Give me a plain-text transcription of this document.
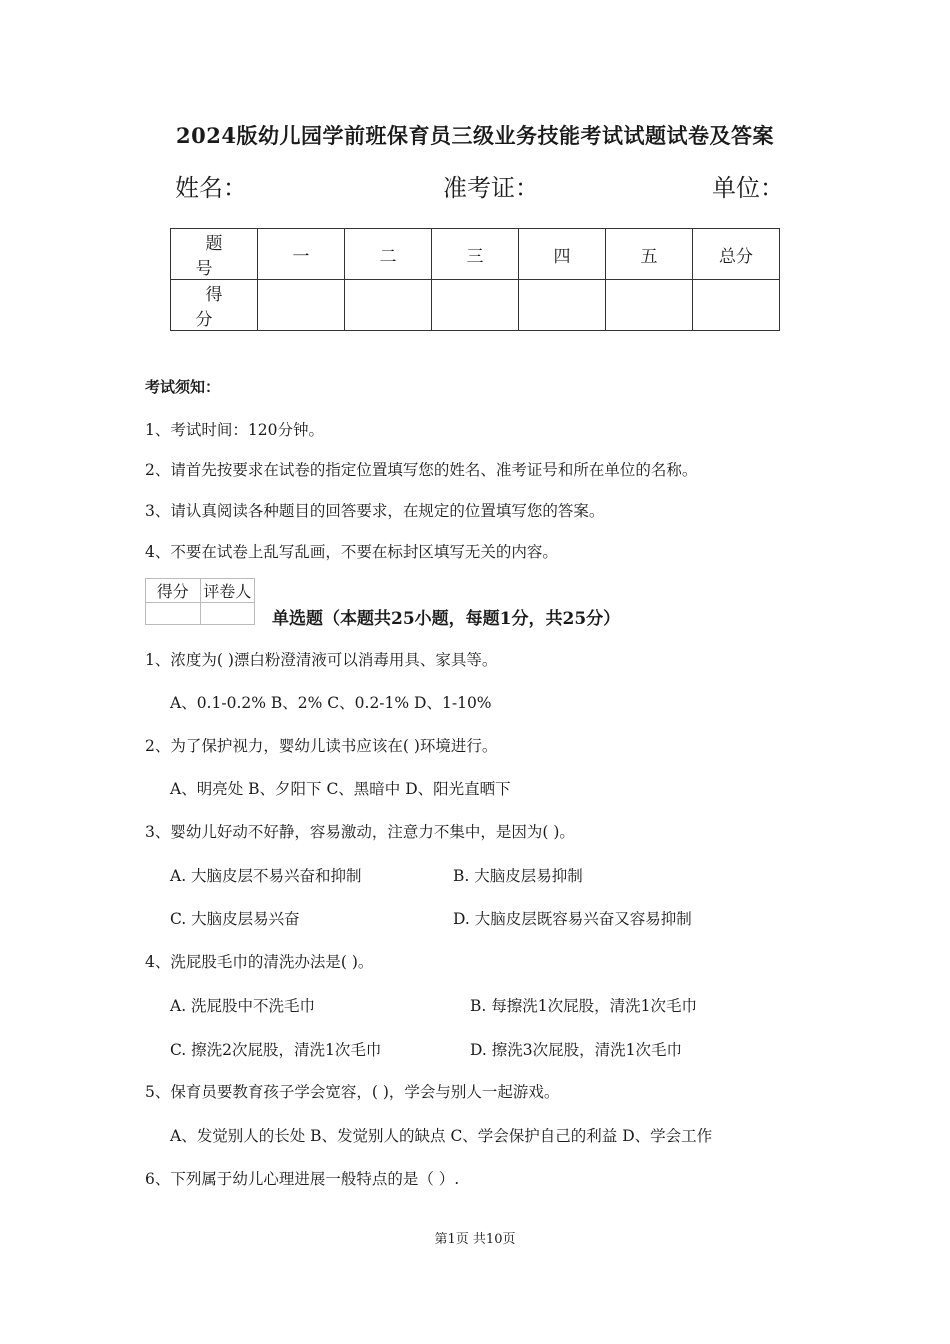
2024版幼儿园学前班保育员三级业务技能考试试题试卷及答案
姓名：	准考证：	单位：
题号	一	二	三	四	五	总分
得分						
考试须知：
1、考试时间：120分钟。
2、请首先按要求在试卷的指定位置填写您的姓名、准考证号和所在单位的名称。
3、请认真阅读各种题目的回答要求，在规定的位置填写您的答案。
4、不要在试卷上乱写乱画，不要在标封区填写无关的内容。
得分	评卷人

单选题（本题共25小题，每题1分，共25分）
1、浓度为( )漂白粉澄清液可以消毒用具、家具等。
A、0.1-0.2% B、2% C、0.2-1% D、1-10%
2、为了保护视力，婴幼儿读书应该在( )环境进行。
A、明亮处 B、夕阳下 C、黑暗中 D、阳光直晒下
3、婴幼儿好动不好静，容易激动，注意力不集中，是因为( )。
A. 大脑皮层不易兴奋和抑制	B. 大脑皮层易抑制
C. 大脑皮层易兴奋	D. 大脑皮层既容易兴奋又容易抑制
4、洗屁股毛巾的清洗办法是( )。
A. 洗屁股中不洗毛巾	B. 每擦洗1次屁股，清洗1次毛巾
C. 擦洗2次屁股，清洗1次毛巾	D. 擦洗3次屁股，清洗1次毛巾
5、保育员要教育孩子学会宽容，( )，学会与别人一起游戏。
A、发觉别人的长处 B、发觉别人的缺点 C、学会保护自己的利益 D、学会工作
6、下列属于幼儿心理进展一般特点的是（ ）.
第1页 共10页
